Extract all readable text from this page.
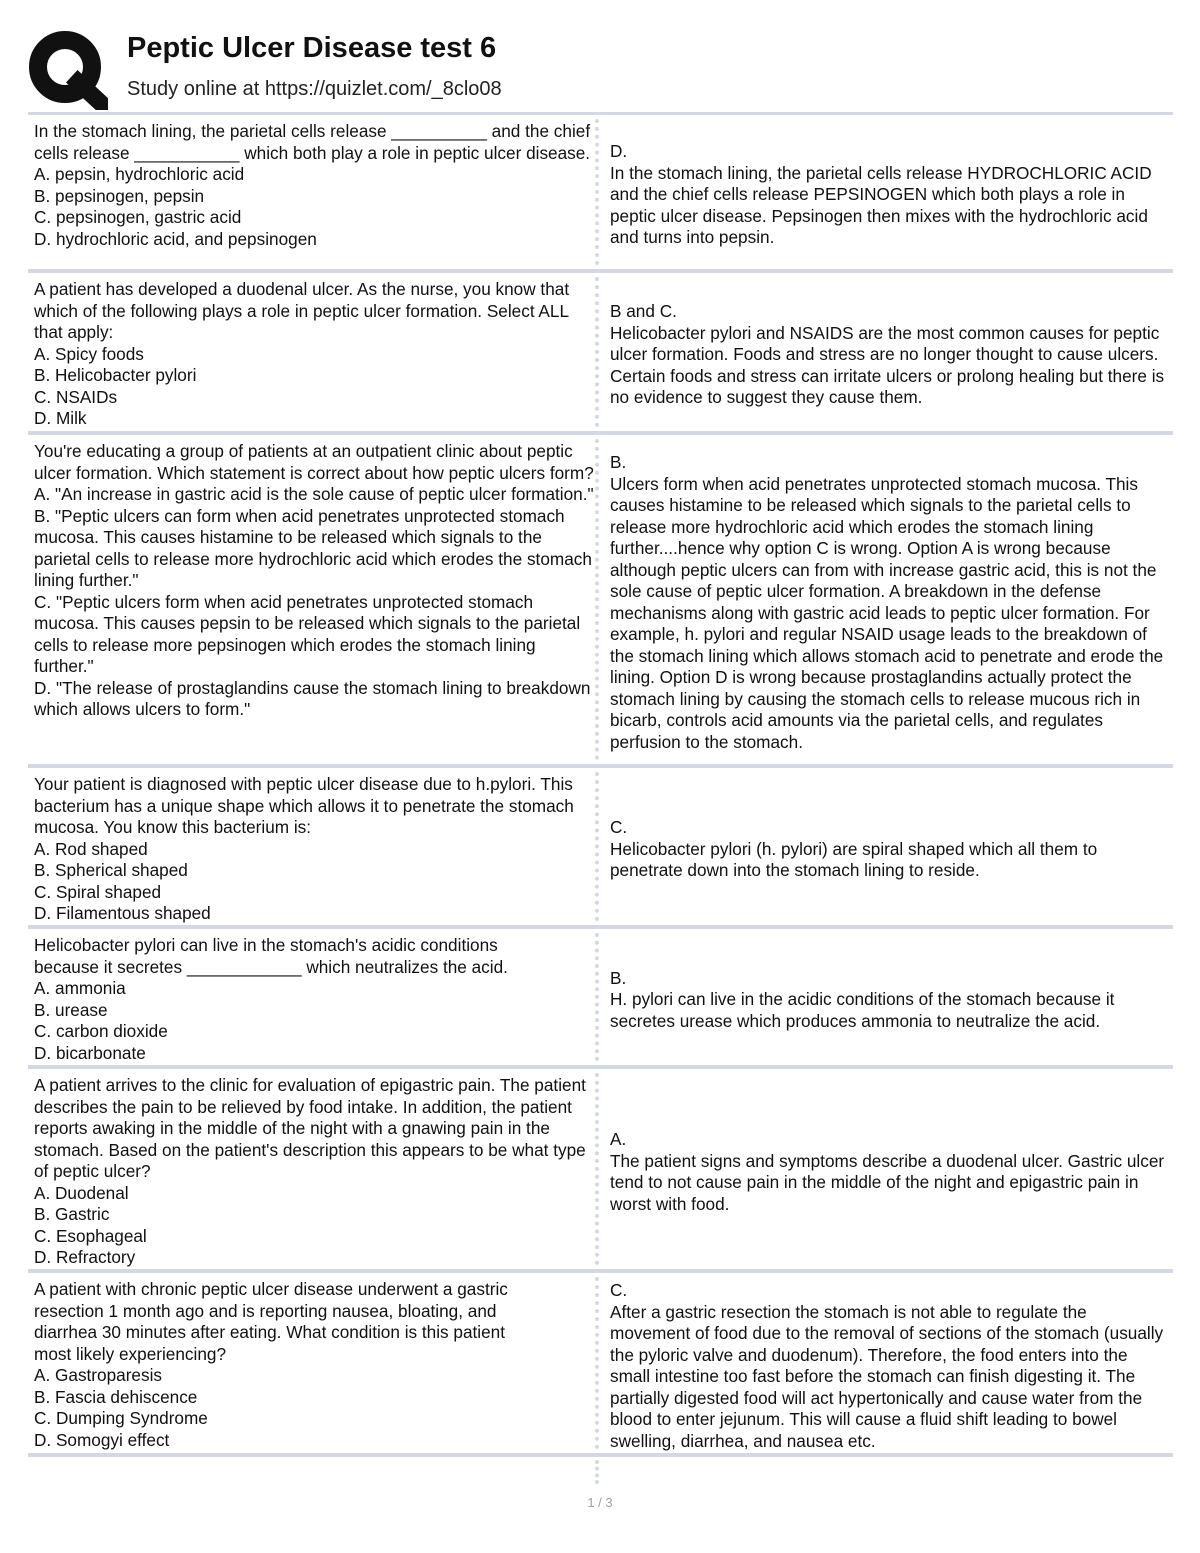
Peptic Ulcer Disease test 6

Study online at https://quizlet.com/_8clo08

In the stomach lining, the parietal cells release __________ and the chief cells release ___________ which both play a role in peptic ulcer disease.
A. pepsin, hydrochloric acid
B. pepsinogen, pepsin
C. pepsinogen, gastric acid
D. hydrochloric acid, and pepsinogen
D.
In the stomach lining, the parietal cells release HYDROCHLORIC ACID and the chief cells release PEPSINOGEN which both plays a role in peptic ulcer disease. Pepsinogen then mixes with the hydrochloric acid and turns into pepsin.
A patient has developed a duodenal ulcer. As the nurse, you know that which of the following plays a role in peptic ulcer formation. Select ALL that apply:
A. Spicy foods
B. Helicobacter pylori
C. NSAIDs
D. Milk
B and C.
Helicobacter pylori and NSAIDS are the most common causes for peptic ulcer formation. Foods and stress are no longer thought to cause ulcers. Certain foods and stress can irritate ulcers or prolong healing but there is no evidence to suggest they cause them.
You're educating a group of patients at an outpatient clinic about peptic ulcer formation. Which statement is correct about how peptic ulcers form?
A. "An increase in gastric acid is the sole cause of peptic ulcer formation."
B. "Peptic ulcers can form when acid penetrates unprotected stomach mucosa. This causes histamine to be released which signals to the parietal cells to release more hydrochloric acid which erodes the stomach lining further."
C. "Peptic ulcers form when acid penetrates unprotected stomach mucosa. This causes pepsin to be released which signals to the parietal cells to release more pepsinogen which erodes the stomach lining further."
D. "The release of prostaglandins cause the stomach lining to breakdown which allows ulcers to form."
B.
Ulcers form when acid penetrates unprotected stomach mucosa. This causes histamine to be released which signals to the parietal cells to release more hydrochloric acid which erodes the stomach lining further....hence why option C is wrong. Option A is wrong because although peptic ulcers can from with increase gastric acid, this is not the sole cause of peptic ulcer formation. A breakdown in the defense mechanisms along with gastric acid leads to peptic ulcer formation. For example, h. pylori and regular NSAID usage leads to the breakdown of the stomach lining which allows stomach acid to penetrate and erode the lining. Option D is wrong because prostaglandins actually protect the stomach lining by causing the stomach cells to release mucous rich in bicarb, controls acid amounts via the parietal cells, and regulates perfusion to the stomach.
Your patient is diagnosed with peptic ulcer disease due to h.pylori. This bacterium has a unique shape which allows it to penetrate the stomach mucosa. You know this bacterium is:
A. Rod shaped
B. Spherical shaped
C. Spiral shaped
D. Filamentous shaped
C.
Helicobacter pylori (h. pylori) are spiral shaped which all them to penetrate down into the stomach lining to reside.
Helicobacter pylori can live in the stomach's acidic conditions
because it secretes ____________ which neutralizes the acid.
A. ammonia
B. urease
C. carbon dioxide
D. bicarbonate
B.
H. pylori can live in the acidic conditions of the stomach because it secretes urease which produces ammonia to neutralize the acid.
A patient arrives to the clinic for evaluation of epigastric pain. The patient describes the pain to be relieved by food intake. In addition, the patient reports awaking in the middle of the night with a gnawing pain in the stomach. Based on the patient's description this appears to be what type of peptic ulcer?
A. Duodenal
B. Gastric
C. Esophageal
D. Refractory
A.
The patient signs and symptoms describe a duodenal ulcer. Gastric ulcer tend to not cause pain in the middle of the night and epigastric pain in worst with food.
A patient with chronic peptic ulcer disease underwent a gastric
resection 1 month ago and is reporting nausea, bloating, and
diarrhea 30 minutes after eating. What condition is this patient
most likely experiencing?
A. Gastroparesis
B. Fascia dehiscence
C. Dumping Syndrome
D. Somogyi effect
C.
After a gastric resection the stomach is not able to regulate the movement of food due to the removal of sections of the stomach (usually the pyloric valve and duodenum). Therefore, the food enters into the small intestine too fast before the stomach can finish digesting it. The partially digested food will act hypertonically and cause water from the blood to enter jejunum. This will cause a fluid shift leading to bowel swelling, diarrhea, and nausea etc.
1 / 3
